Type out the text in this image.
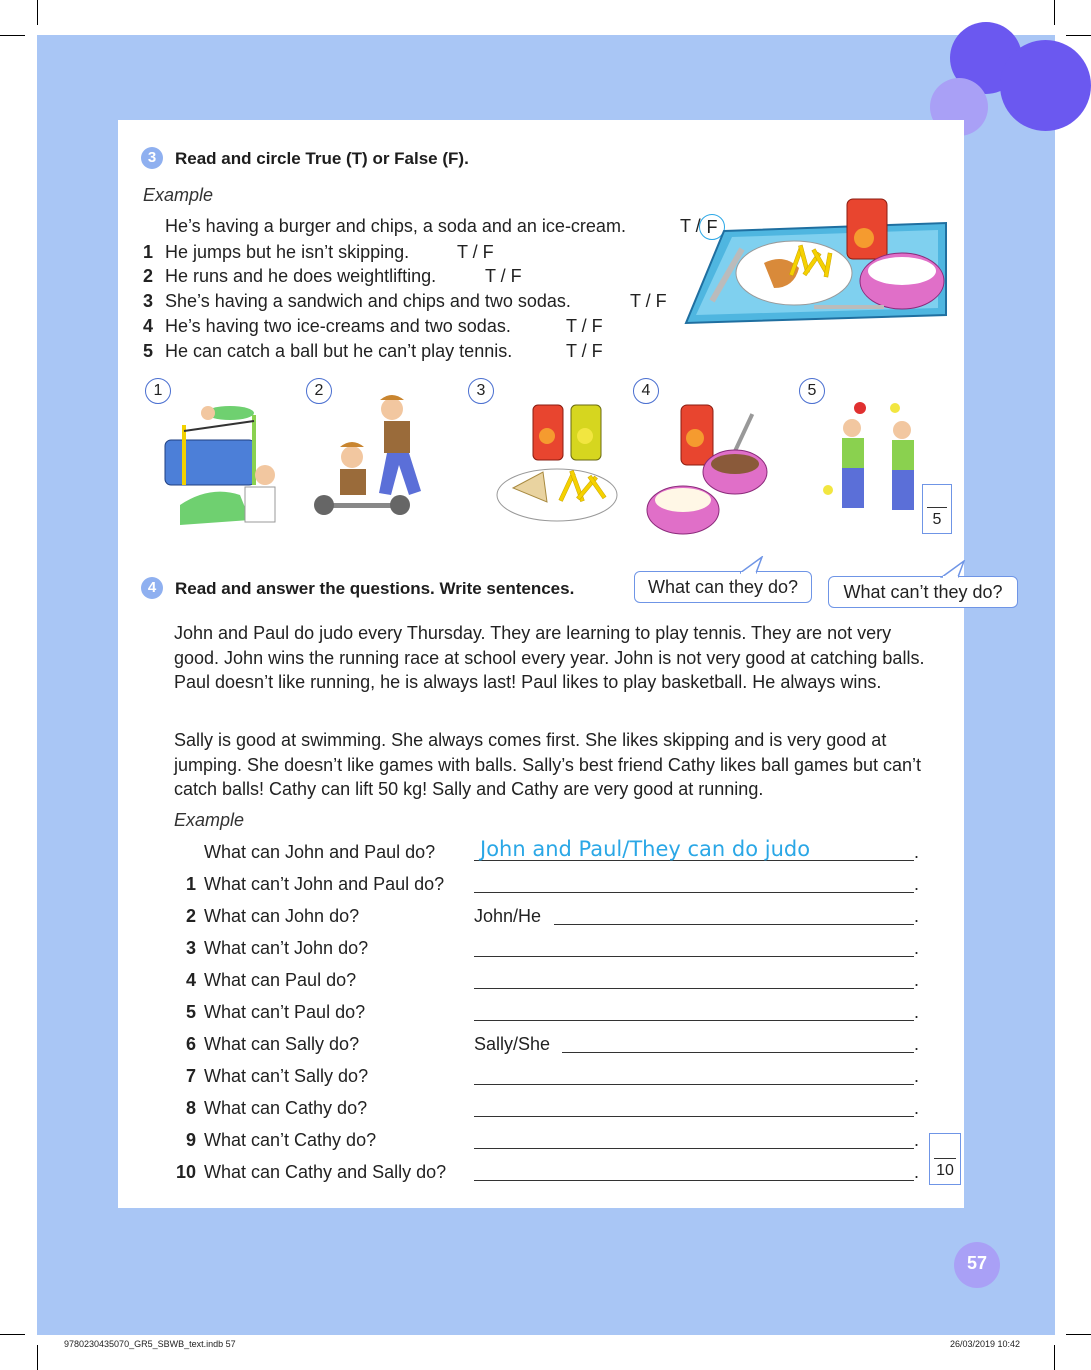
3	Read and circle True (T) or False (F).
Example
He’s having a burger and chips, a soda and an ice-cream.	T / F
1 He jumps but he isn’t skipping.	T / F
2 He runs and he does weightlifting.	T / F
3 She’s having a sandwich and chips and two sodas.	T / F
4 He’s having two ice-creams and two sodas.	T / F
5 He can catch a ball but he can’t play tennis.	T / F
1	2	3	4	5
5
4	Read and answer the questions. Write sentences.	What can they do?	What can’t they do?
John and Paul do judo every Thursday. They are learning to play tennis. They are not very good. John wins the running race at school every year. John is not very good at catching balls. Paul doesn’t like running, he is always last! Paul likes to play basketball. He always wins.
Sally is good at swimming. She always comes first. She likes skipping and is very good at jumping. She doesn’t like games with balls. Sally’s best friend Cathy likes ball games but can’t catch balls! Cathy can lift 50 kg! Sally and Cathy are very good at running.
Example
What can John and Paul do?	.
John and Paul/They can do judo
1 What can’t John and Paul do?	.
2 What can John do?	John/He	.
3 What can’t John do?	.
4 What can Paul do?	.
5 What can’t Paul do?	.
6 What can Sally do?	Sally/She	.
7 What can’t Sally do?	.
8 What can Cathy do?	.
9 What can’t Cathy do?	.
10 What can Cathy and Sally do?	.	10
57
9780230435070_GR5_SBWB_text.indb 57	26/03/2019 10:42
